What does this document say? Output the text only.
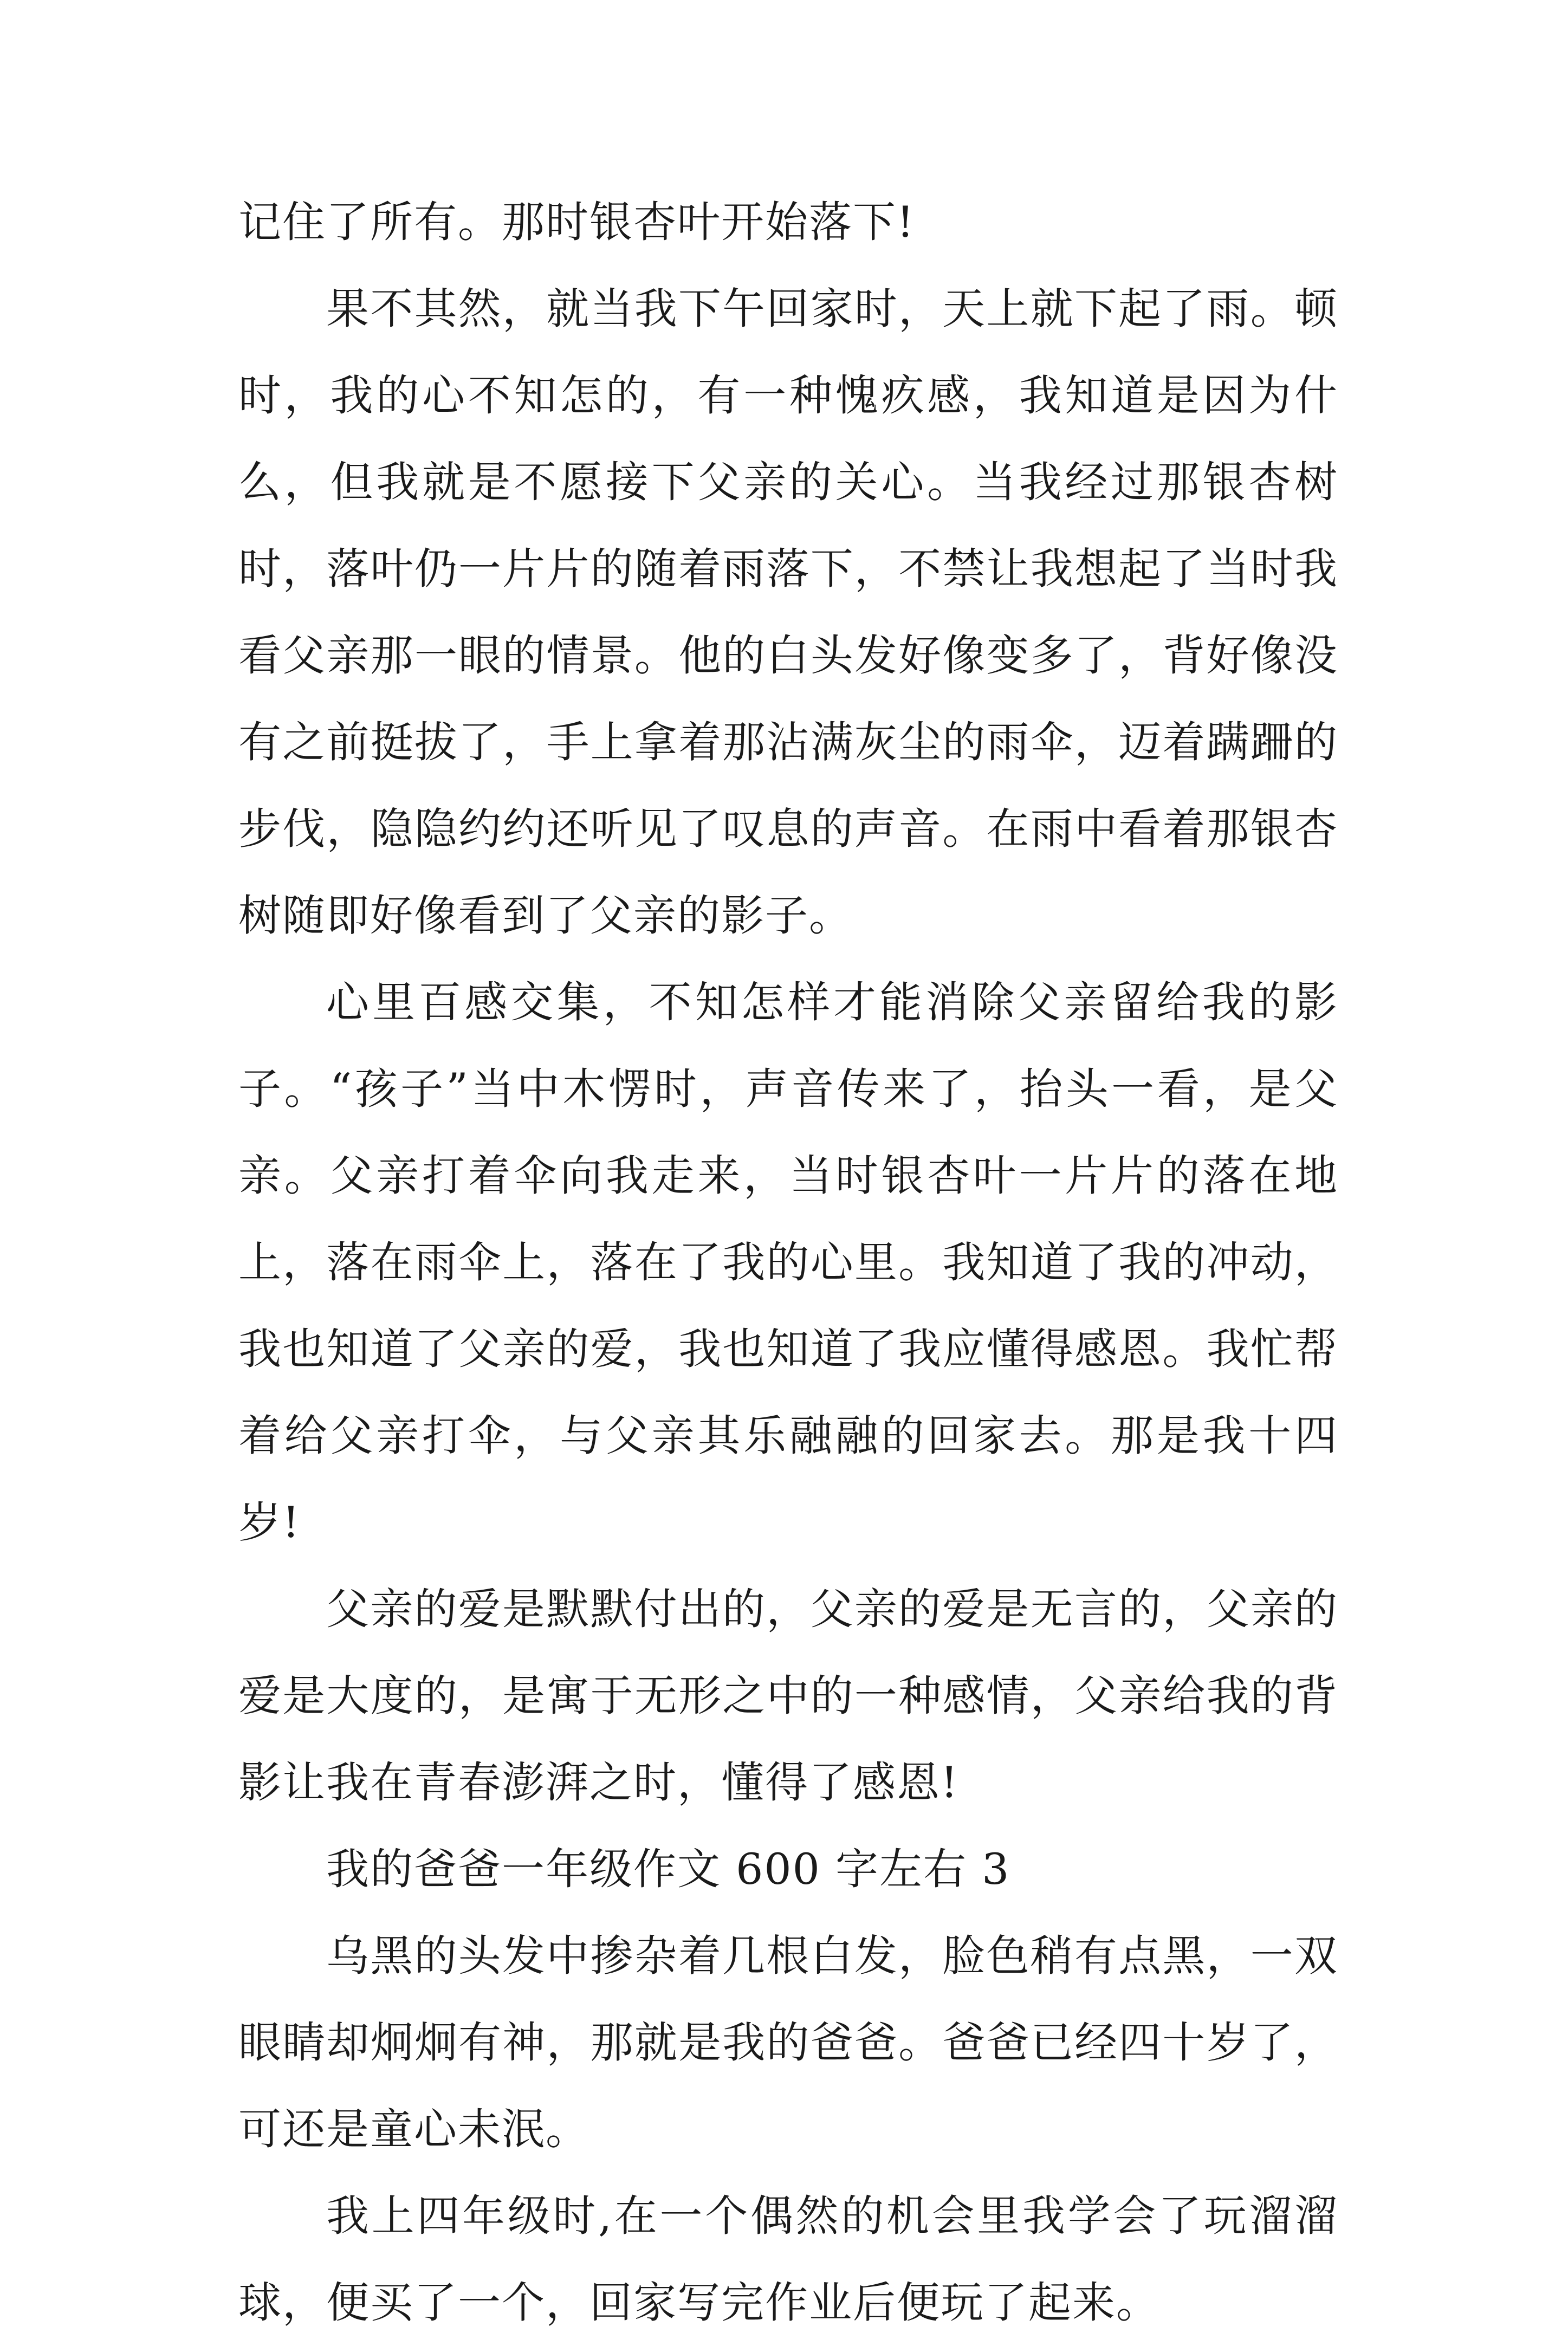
记住了所有。那时银杏叶开始落下!

果不其然，就当我下午回家时，天上就下起了雨。顿时，我的心不知怎的，有一种愧疚感，我知道是因为什么，但我就是不愿接下父亲的关心。当我经过那银杏树时，落叶仍一片片的随着雨落下，不禁让我想起了当时我看父亲那一眼的情景。他的白头发好像变多了，背好像没有之前挺拔了，手上拿着那沾满灰尘的雨伞，迈着蹒跚的步伐，隐隐约约还听见了叹息的声音。在雨中看着那银杏树随即好像看到了父亲的影子。

心里百感交集，不知怎样才能消除父亲留给我的影子。“孩子”当中木愣时，声音传来了，抬头一看，是父亲。父亲打着伞向我走来，当时银杏叶一片片的落在地上，落在雨伞上，落在了我的心里。我知道了我的冲动，我也知道了父亲的爱，我也知道了我应懂得感恩。我忙帮着给父亲打伞，与父亲其乐融融的回家去。那是我十四岁!

父亲的爱是默默付出的，父亲的爱是无言的，父亲的爱是大度的，是寓于无形之中的一种感情，父亲给我的背影让我在青春澎湃之时，懂得了感恩!

我的爸爸一年级作文 600 字左右 3

乌黑的头发中掺杂着几根白发，脸色稍有点黑，一双眼睛却炯炯有神，那就是我的爸爸。爸爸已经四十岁了，可还是童心未泯。

我上四年级时,在一个偶然的机会里我学会了玩溜溜球，便买了一个，回家写完作业后便玩了起来。
